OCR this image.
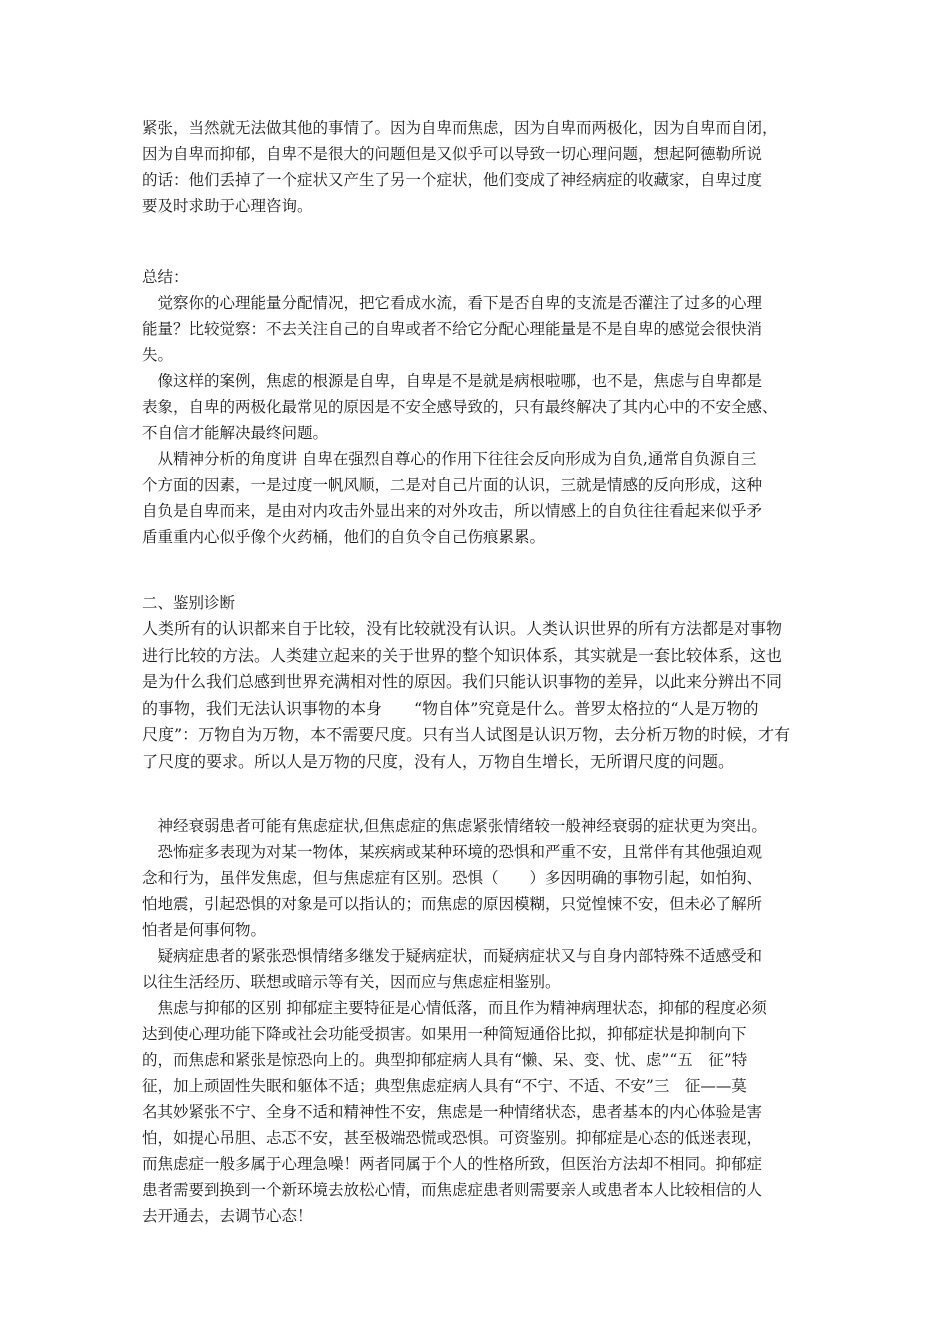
紧张，当然就无法做其他的事情了。因为自卑而焦虑，因为自卑而两极化，因为自卑而自闭，
因为自卑而抑郁，自卑不是很大的问题但是又似乎可以导致一切心理问题，想起阿德勒所说
的话：他们丢掉了一个症状又产生了另一个症状，他们变成了神经病症的收藏家，自卑过度
要及时求助于心理咨询。
总结：
　觉察你的心理能量分配情况，把它看成水流，看下是否自卑的支流是否灌注了过多的心理
能量？比较觉察：不去关注自己的自卑或者不给它分配心理能量是不是自卑的感觉会很快消
失。
　像这样的案例，焦虑的根源是自卑，自卑是不是就是病根啦哪，也不是，焦虑与自卑都是
表象，自卑的两极化最常见的原因是不安全感导致的，只有最终解决了其内心中的不安全感、
不自信才能解决最终问题。
　从精神分析的角度讲 自卑在强烈自尊心的作用下往往会反向形成为自负,通常自负源自三
个方面的因素，一是过度一帆风顺，二是对自己片面的认识，三就是情感的反向形成，这种
自负是自卑而来，是由对内攻击外显出来的对外攻击，所以情感上的自负往往看起来似乎矛
盾重重内心似乎像个火药桶，他们的自负令自己伤痕累累。
二、鉴别诊断
人类所有的认识都来自于比较，没有比较就没有认识。人类认识世界的所有方法都是对事物
进行比较的方法。人类建立起来的关于世界的整个知识体系，其实就是一套比较体系，这也
是为什么我们总感到世界充满相对性的原因。我们只能认识事物的差异，以此来分辨出不同
的事物，我们无法认识事物的本身　　“物自体”究竟是什么。普罗太格拉的“人是万物的
尺度”：万物自为万物，本不需要尺度。只有当人试图是认识万物，去分析万物的时候，才有
了尺度的要求。所以人是万物的尺度，没有人，万物自生增长，无所谓尺度的问题。
　神经衰弱患者可能有焦虑症状,但焦虑症的焦虑紧张情绪较一般神经衰弱的症状更为突出。
　恐怖症多表现为对某一物体，某疾病或某种环境的恐惧和严重不安，且常伴有其他强迫观
念和行为，虽伴发焦虑，但与焦虑症有区别。恐惧（　　）多因明确的事物引起，如怕狗、
怕地震，引起恐惧的对象是可以指认的；而焦虑的原因模糊，只觉惶悚不安，但未必了解所
怕者是何事何物。
　疑病症患者的紧张恐惧情绪多继发于疑病症状，而疑病症状又与自身内部特殊不适感受和
以往生活经历、联想或暗示等有关，因而应与焦虑症相鉴别。
　焦虑与抑郁的区别 抑郁症主要特征是心情低落，而且作为精神病理状态，抑郁的程度必须
达到使心理功能下降或社会功能受损害。如果用一种简短通俗比拟，抑郁症状是抑制向下
的，而焦虑和紧张是惊恐向上的。典型抑郁症病人具有“懒、呆、变、忧、虑”“五　征”特
征，加上顽固性失眠和躯体不适；典型焦虑症病人具有“不宁、不适、不安”三　征——莫
名其妙紧张不宁、全身不适和精神性不安，焦虑是一种情绪状态，患者基本的内心体验是害
怕，如提心吊胆、忐忑不安，甚至极端恐慌或恐惧。可资鉴别。抑郁症是心态的低迷表现，
而焦虑症一般多属于心理急噪！两者同属于个人的性格所致，但医治方法却不相同。抑郁症
患者需要到换到一个新环境去放松心情，而焦虑症患者则需要亲人或患者本人比较相信的人
去开通去，去调节心态！
